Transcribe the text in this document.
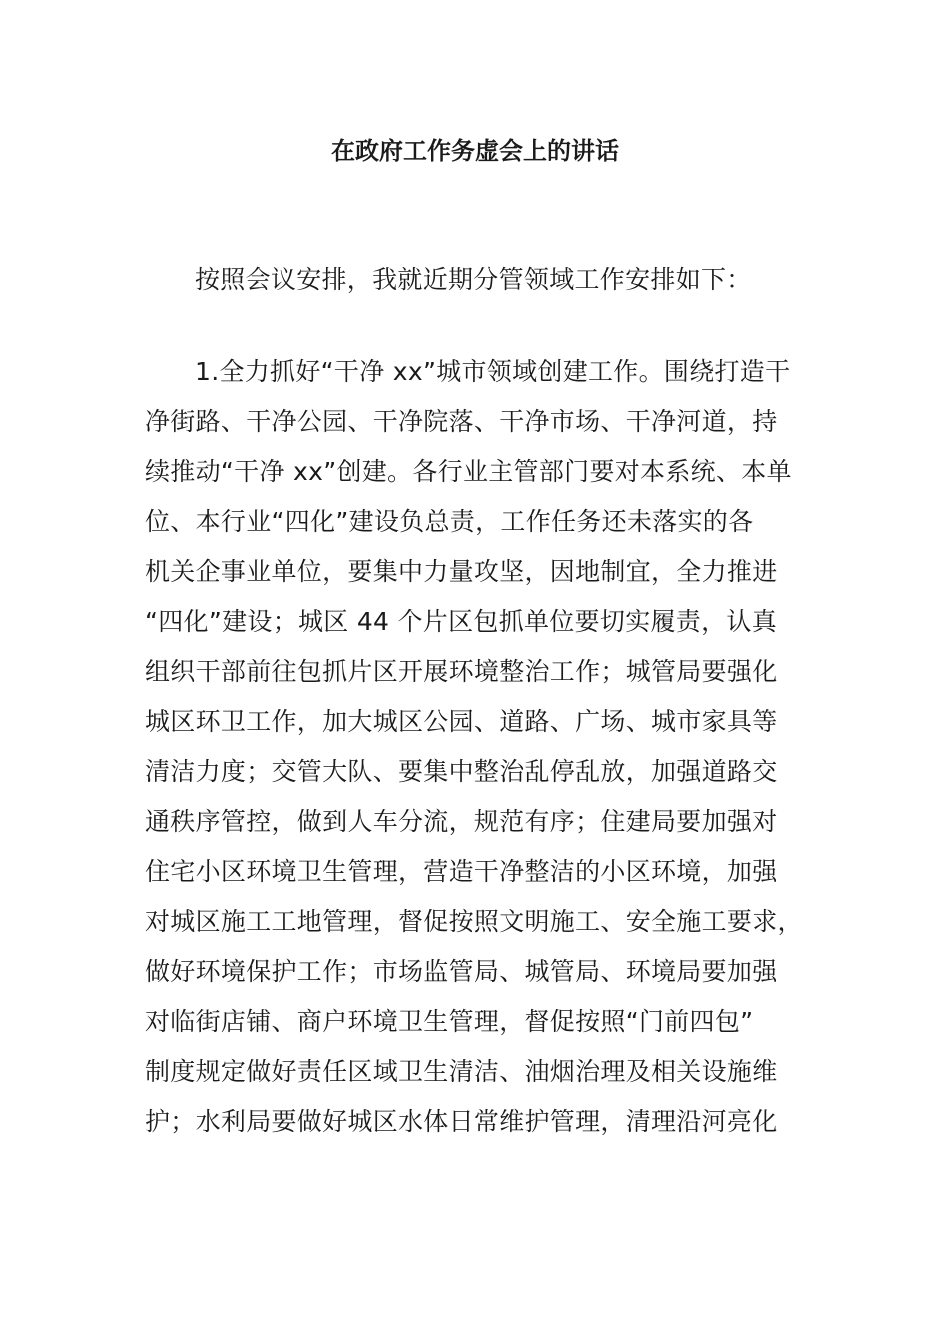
在政府工作务虚会上的讲话
按照会议安排，我就近期分管领域工作安排如下：
1.全力抓好“干净 xx”城市领域创建工作。围绕打造干
净街路、干净公园、干净院落、干净市场、干净河道，持
续推动“干净 xx”创建。各行业主管部门要对本系统、本单
位、本行业“四化”建设负总责，工作任务还未落实的各
机关企事业单位，要集中力量攻坚，因地制宜，全力推进
“四化”建设；城区 44 个片区包抓单位要切实履责，认真
组织干部前往包抓片区开展环境整治工作；城管局要强化
城区环卫工作，加大城区公园、道路、广场、城市家具等
清洁力度；交管大队、要集中整治乱停乱放，加强道路交
通秩序管控，做到人车分流，规范有序；住建局要加强对
住宅小区环境卫生管理，营造干净整洁的小区环境，加强
对城区施工工地管理，督促按照文明施工、安全施工要求，
做好环境保护工作；市场监管局、城管局、环境局要加强
对临街店铺、商户环境卫生管理，督促按照“门前四包”
制度规定做好责任区域卫生清洁、油烟治理及相关设施维
护；水利局要做好城区水体日常维护管理，清理沿河亮化
